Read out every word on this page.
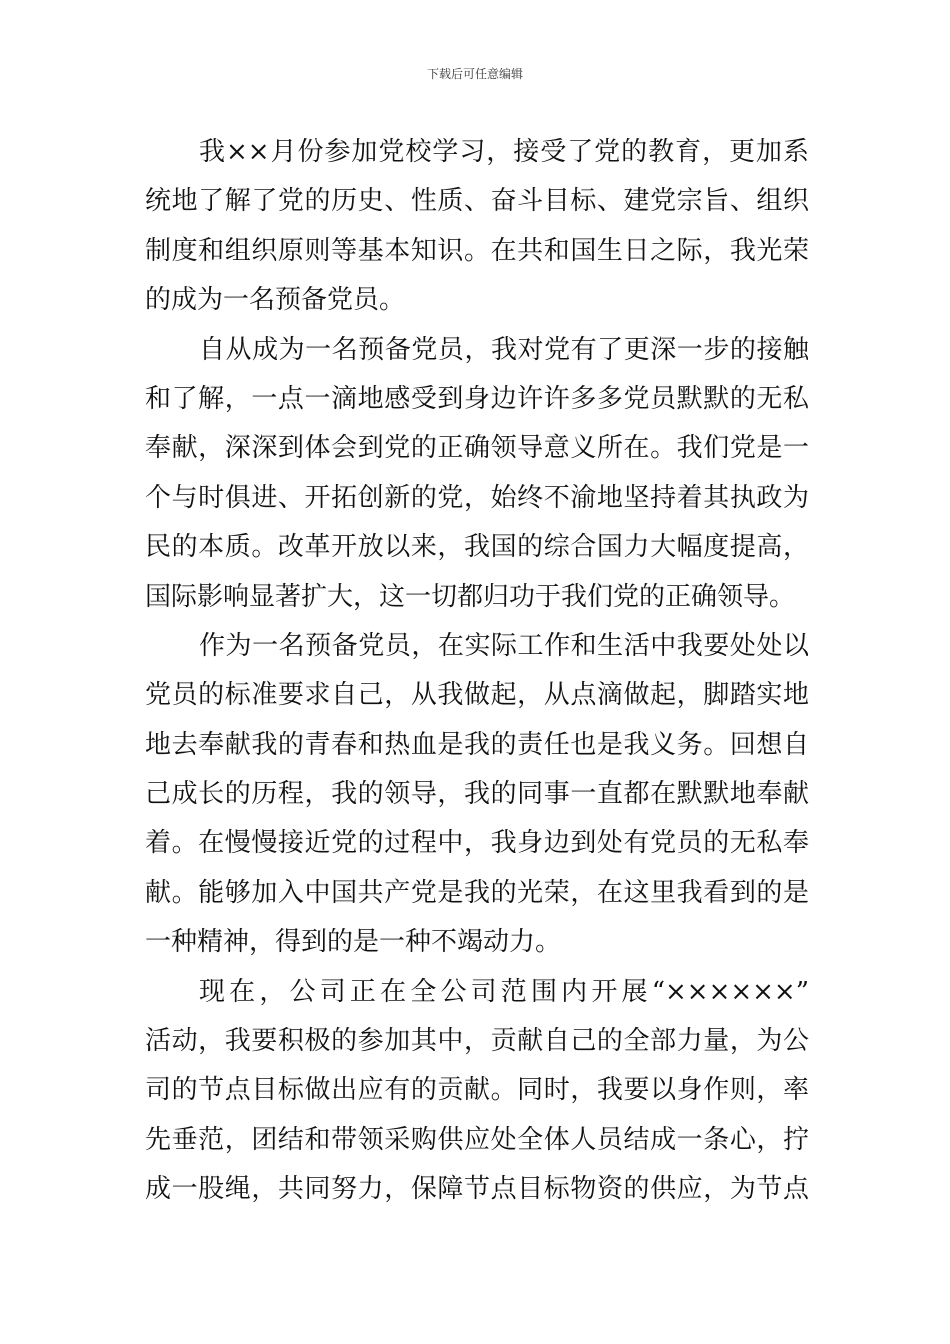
下载后可任意编辑
我××月份参加党校学习，接受了党的教育，更加系
统地了解了党的历史、性质、奋斗目标、建党宗旨、组织
制度和组织原则等基本知识。在共和国生日之际，我光荣
的成为一名预备党员。
自从成为一名预备党员，我对党有了更深一步的接触
和了解，一点一滴地感受到身边许许多多党员默默的无私
奉献，深深到体会到党的正确领导意义所在。我们党是一
个与时俱进、开拓创新的党，始终不渝地坚持着其执政为
民的本质。改革开放以来，我国的综合国力大幅度提高，
国际影响显著扩大，这一切都归功于我们党的正确领导。
作为一名预备党员，在实际工作和生活中我要处处以
党员的标准要求自己，从我做起，从点滴做起，脚踏实地
地去奉献我的青春和热血是我的责任也是我义务。回想自
己成长的历程，我的领导，我的同事一直都在默默地奉献
着。在慢慢接近党的过程中，我身边到处有党员的无私奉
献。能够加入中国共产党是我的光荣，在这里我看到的是
一种精神，得到的是一种不竭动力。
现在，公司正在全公司范围内开展“××××××”
活动，我要积极的参加其中，贡献自己的全部力量，为公
司的节点目标做出应有的贡献。同时，我要以身作则，率
先垂范，团结和带领采购供应处全体人员结成一条心，拧
成一股绳，共同努力，保障节点目标物资的供应，为节点
